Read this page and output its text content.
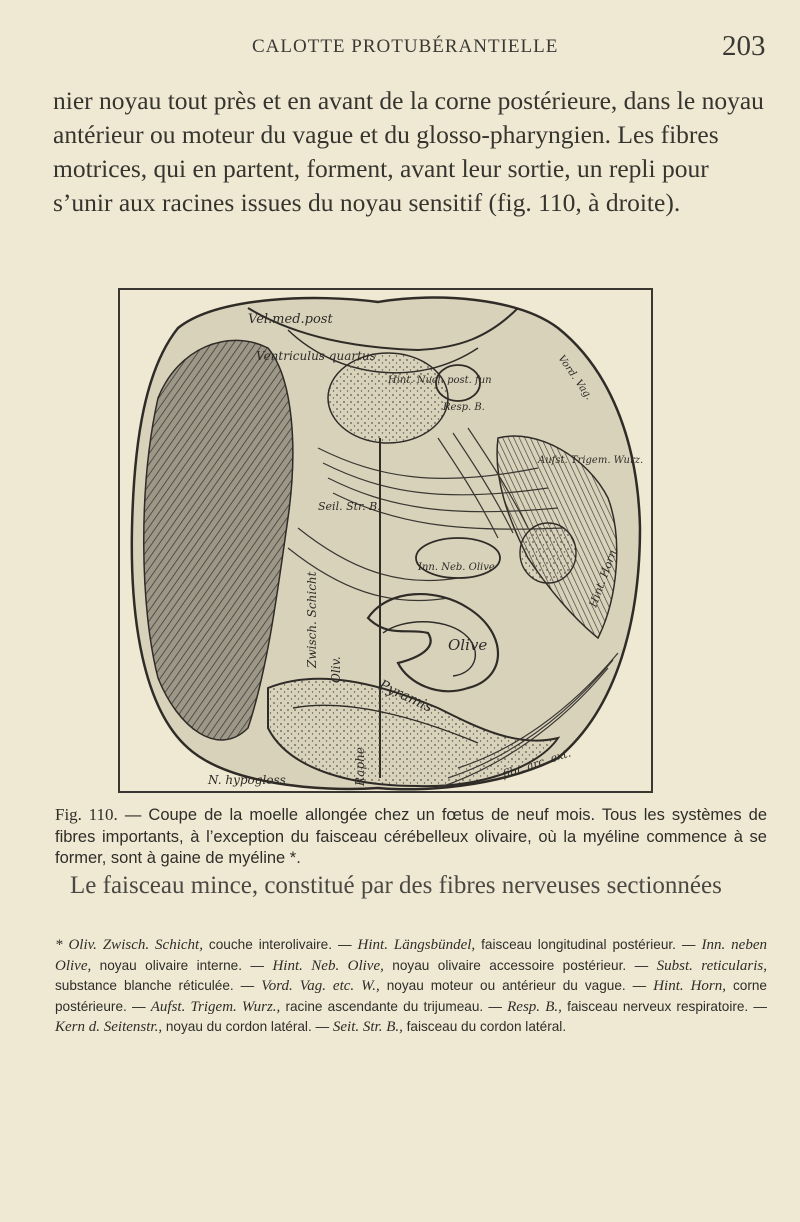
CALOTTE PROTUBÉRANTIELLE	203

nier noyau tout près et en avant de la corne postérieure, dans le noyau antérieur ou moteur du vague et du glosso-pharyngien. Les fibres motrices, qui en partent, forment, avant leur sortie, un repli pour s’unir aux racines issues du noyau sensitif (fig. 110, à droite).

Vel.med.post
Ventriculus quartus
Hint. Nucl. post. fun
Resp. B.
Aufst. Trigem. Wurz.
Seil. Str. B.
Zwisch. Schicht
Oliv.
Inn. Neb. Olive
Olive
Pyramis
Hint. Horn
Vord. Vag.
N. hypogloss	Raphe	fibr. arc. ext.
Fig. 110. — Coupe de la moelle allongée chez un fœtus de neuf mois. Tous les systèmes de fibres importants, à l’exception du faisceau cérébelleux olivaire, où la myéline commence à se former, sont à gaine de myéline *.
Le faisceau mince, constitué par des fibres nerveuses sectionnées
* Oliv. Zwisch. Schicht, couche interolivaire. — Hint. Längsbündel, faisceau longitudinal postérieur. — Inn. neben Olive, noyau olivaire interne. — Hint. Neb. Olive, noyau olivaire accessoire postérieur. — Subst. reticularis, substance blanche réticulée. — Vord. Vag. etc. W., noyau moteur ou antérieur du vague. — Hint. Horn, corne postérieure. — Aufst. Trigem. Wurz., racine ascendante du trijumeau. — Resp. B., faisceau nerveux respiratoire. — Kern d. Seitenstr., noyau du cordon latéral. — Seit. Str. B., faisceau du cordon latéral.
